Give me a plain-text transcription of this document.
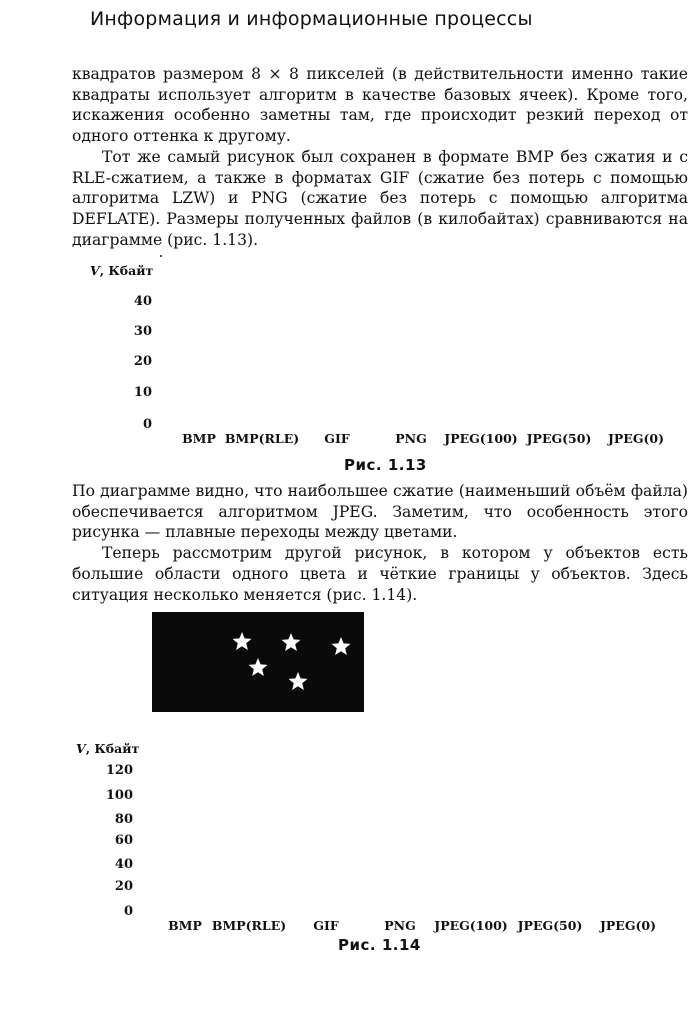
Информация и информационные процессы

квадратов размером 8 × 8 пикселей (в действительности именно такие квадраты использует алгоритм в качестве базовых ячеек). Кроме того, искажения особенно заметны там, где происходит резкий переход от одного оттенка к другому.

Тот же самый рисунок был сохранен в формате BMP без сжатия и с RLE-сжатием, а также в форматах GIF (сжатие без потерь с помощью алгоритма LZW) и PNG (сжатие без потерь с помощью алгоритма DEFLATE). Размеры полученных файлов (в килобайтах) сравниваются на диаграмме (рис. 1.13).

V, Кбайт
40
30
20
10
0
BMP BMP(RLE) GIF	PNG JPEG(100) JPEG(50) JPEG(0)
Рис. 1.13

По диаграмме видно, что наибольшее сжатие (наименьший объём файла) обеспечивается алгоритмом JPEG. Заметим, что особенность этого рисунка — плавные переходы между цветами.

Теперь рассмотрим другой рисунок, в котором у объектов есть большие области одного цвета и чёткие границы у объектов. Здесь ситуация несколько меняется (рис. 1.14).

V, Кбайт
120
100
80
60
40
20
0
BMP BMP(RLE) GIF	PNG JPEG(100) JPEG(50) JPEG(0)
Рис. 1.14
